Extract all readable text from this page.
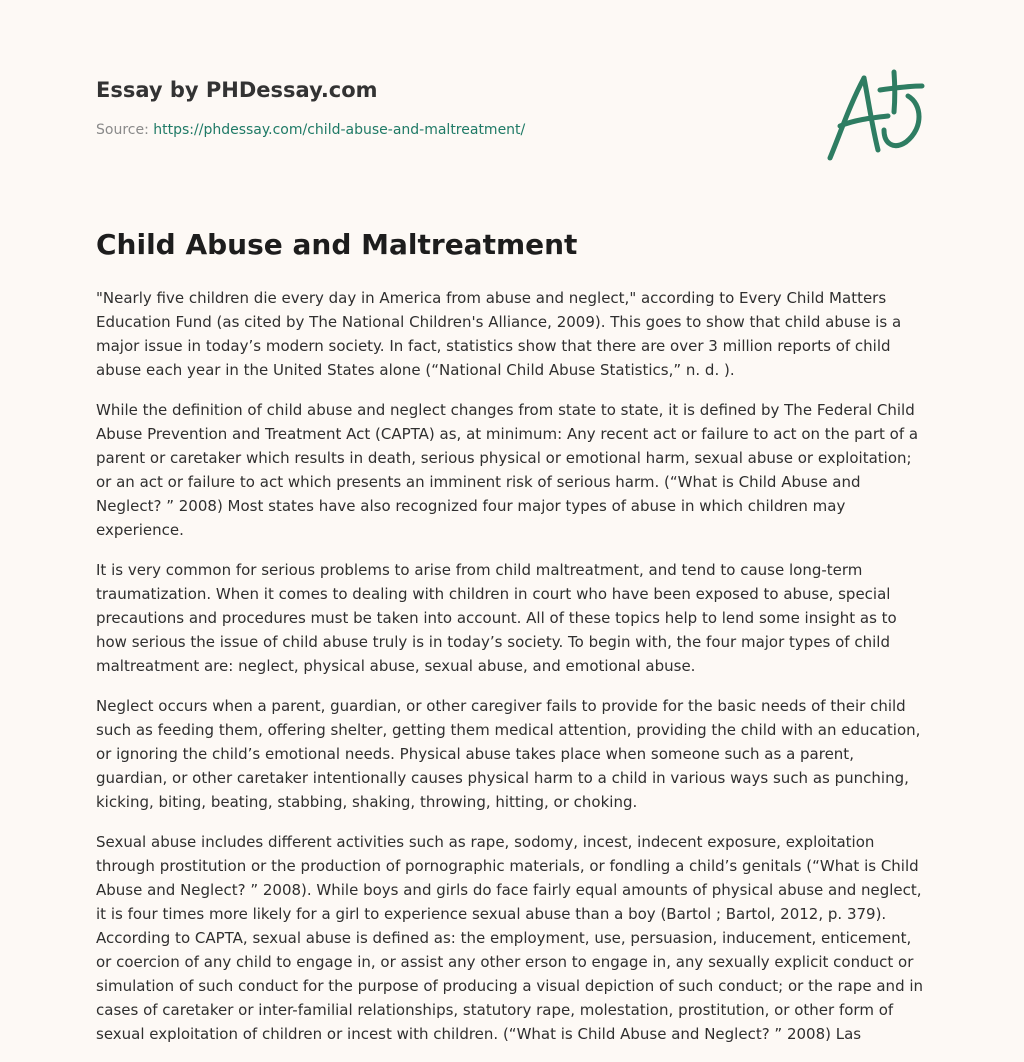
Essay by PHDessay.com
Source: https://phdessay.com/child-abuse-and-maltreatment/
Child Abuse and Maltreatment

"Nearly five children die every day in America from abuse and neglect," according to Every Child Matters Education Fund (as cited by The National Children's Alliance, 2009). This goes to show that child abuse is a major issue in today’s modern society. In fact, statistics show that there are over 3 million reports of child abuse each year in the United States alone (“National Child Abuse Statistics,” n. d. ).

While the definition of child abuse and neglect changes from state to state, it is defined by The Federal Child Abuse Prevention and Treatment Act (CAPTA) as, at minimum: Any recent act or failure to act on the part of a parent or caretaker which results in death, serious physical or emotional harm, sexual abuse or exploitation; or an act or failure to act which presents an imminent risk of serious harm. (“What is Child Abuse and Neglect? ” 2008) Most states have also recognized four major types of abuse in which children may experience.

It is very common for serious problems to arise from child maltreatment, and tend to cause long-term traumatization. When it comes to dealing with children in court who have been exposed to abuse, special precautions and procedures must be taken into account. All of these topics help to lend some insight as to how serious the issue of child abuse truly is in today’s society. To begin with, the four major types of child maltreatment are: neglect, physical abuse, sexual abuse, and emotional abuse.

Neglect occurs when a parent, guardian, or other caregiver fails to provide for the basic needs of their child such as feeding them, offering shelter, getting them medical attention, providing the child with an education, or ignoring the child’s emotional needs. Physical abuse takes place when someone such as a parent, guardian, or other caretaker intentionally causes physical harm to a child in various ways such as punching, kicking, biting, beating, stabbing, shaking, throwing, hitting, or choking.

Sexual abuse includes different activities such as rape, sodomy, incest, indecent exposure, exploitation through prostitution or the production of pornographic materials, or fondling a child’s genitals (“What is Child Abuse and Neglect? ” 2008). While boys and girls do face fairly equal amounts of physical abuse and neglect, it is four times more likely for a girl to experience sexual abuse than a boy (Bartol ; Bartol, 2012, p. 379). According to CAPTA, sexual abuse is defined as: the employment, use, persuasion, inducement, enticement, or coercion of any child to engage in, or assist any other erson to engage in, any sexually explicit conduct or simulation of such conduct for the purpose of producing a visual depiction of such conduct; or the rape and in cases of caretaker or inter-familial relationships, statutory rape, molestation, prostitution, or other form of sexual exploitation of children or incest with children. (“What is Child Abuse and Neglect? ” 2008) Las
